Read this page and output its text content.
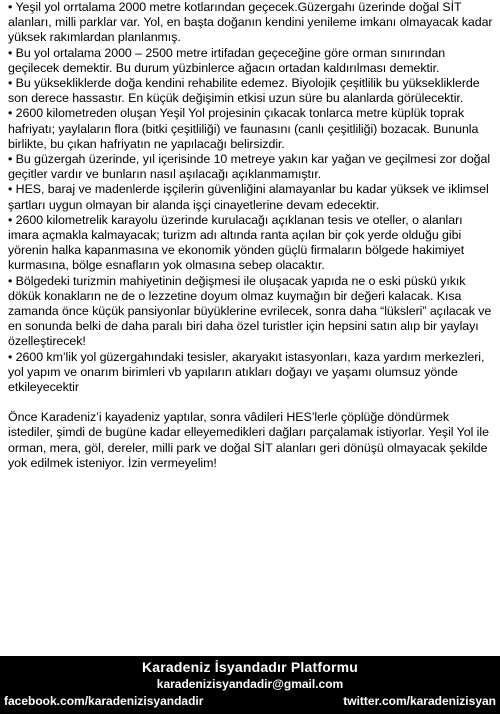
• Yeşil yol orrtalama 2000 metre kotlarından geçecek.Güzergahı üzerinde doğal SİT alanları, milli parklar var. Yol, en başta doğanın kendini yenileme imkanı olmayacak kadar yüksek rakımlardan planlanmış.

• Bu yol ortalama 2000 – 2500 metre irtifadan geçeceğine göre orman sınırından geçilecek demektir. Bu durum yüzbinlerce ağacın ortadan kaldırılması demektir.

• Bu yüksekliklerde doğa kendini rehabilite edemez. Biyolojik çeşitlilik bu yüksekliklerde son derece hassastır. En küçük değişimin etkisi uzun süre bu alanlarda görülecektir.

• 2600 kilometreden oluşan Yeşil Yol projesinin çıkacak tonlarca metre küplük toprak hafriyatı; yaylaların flora (bitki çeşitliliği) ve faunasını (canlı çeşitliliği) bozacak. Bununla birlikte, bu çıkan hafriyatın ne yapılacağı belirsizdir.

• Bu güzergah üzerinde, yıl içerisinde 10 metreye yakın kar yağan ve geçilmesi zor doğal geçitler vardır ve bunların nasıl aşılacağı açıklanmamıştır.

• HES, baraj ve madenlerde işçilerin güvenliğini alamayanlar bu kadar yüksek ve iklimsel şartları uygun olmayan bir alanda işçi cinayetlerine devam edecektir.

• 2600 kilometrelik karayolu üzerinde kurulacağı açıklanan tesis ve oteller, o alanları imara açmakla kalmayacak; turizm adı altında ranta açılan bir çok yerde olduğu gibi yörenin halka kapanmasına ve ekonomik yönden güçlü firmaların bölgede hakimiyet kurmasına, bölge esnafların yok olmasına sebep olacaktır.

• Bölgedeki turizmin mahiyetinin değişmesi ile oluşacak yapıda ne o eski püskü yıkık dökük konakların ne de o lezzetine doyum olmaz kuymağın bir değeri kalacak. Kısa zamanda önce küçük pansiyonlar büyüklerine evrilecek, sonra daha “lüksleri” açılacak ve en sonunda belki de daha paralı biri daha özel turistler için hepsini satın alıp bir yaylayı özelleştirecek!

• 2600 km’lik yol güzergahındaki tesisler, akaryakıt istasyonları, kaza yardım merkezleri, yol yapım ve onarım birimleri vb yapıların atıkları doğayı ve yaşamı olumsuz yönde etkileyecektir

Önce Karadeniz’i kayadeniz yaptılar, sonra vâdileri HES’lerle çöplüğe döndürmek istediler, şimdi de bugüne kadar elleyemedikleri dağları parçalamak istiyorlar. Yeşil Yol ile orman, mera, göl, dereler, milli park ve doğal SİT alanları geri dönüşü olmayacak şekilde yok edilmek isteniyor. İzin vermeyelim!

Karadeniz İsyandadır Platformu
karadenizisyandadir@gmail.com
facebook.com/karadenizisyandadir	twitter.com/karadenizisyan
